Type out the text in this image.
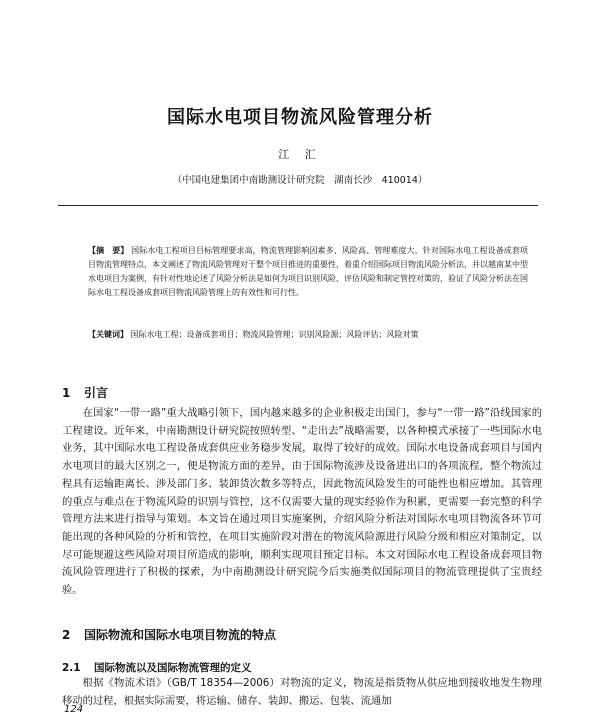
国际水电项目物流风险管理分析
江 汇
（中国电建集团中南勘测设计研究院　湖南长沙　410014）
【摘　要】 国际水电工程项目目标管理要求高，物流管理影响因素多、风险高、管理难度大，针对国际水电工程设备成套项目物流管理特点，本文阐述了物流风险管理对于整个项目推进的重要性，着重介绍国际项目物流风险分析法，并以越南某中型水电项目为案例，有针对性地论述了风险分析法是如何为项目识别风险、评估风险和制定管控对策的，验证了风险分析法在国际水电工程设备成套项目物流风险管理上的有效性和可行性。
【关键词】 国际水电工程；设备成套项目；物流风险管理；识别风险源；风险评估；风险对策
1 引言
在国家“一带一路”重大战略引领下，国内越来越多的企业积极走出国门，参与“一带一路”沿线国家的工程建设。近年来，中南勘测设计研究院按照转型、“走出去”战略需要，以各种模式承接了一些国际水电业务，其中国际水电工程设备成套供应业务稳步发展，取得了较好的成效。国际水电设备成套项目与国内水电项目的最大区别之一，便是物流方面的差异，由于国际物流涉及设备进出口的各项流程，整个物流过程具有运输距离长、涉及部门多、装卸货次数多等特点，因此物流风险发生的可能性也相应增加。其管理的重点与难点在于物流风险的识别与管控，这不仅需要大量的现实经验作为积累，更需要一套完整的科学管理方法来进行指导与策划。本文旨在通过项目实施案例，介绍风险分析法对国际水电项目物流各环节可能出现的各种风险的分析和管控，在项目实施阶段对潜在的物流风险源进行风险分级和相应对策制定，以尽可能规避这些风险对项目所造成的影响，顺利实现项目预定目标。本文对国际水电工程设备成套项目物流风险管理进行了积极的探索，为中南勘测设计研究院今后实施类似国际项目的物流管理提供了宝贵经验。
2 国际物流和国际水电项目物流的特点
2.1 国际物流以及国际物流管理的定义
根据《物流术语》（GB/T 18354—2006）对物流的定义，物流是指货物从供应地到接收地发生物理移动的过程，根据实际需要，将运输、储存、装卸、搬运、包装、流通加
124
